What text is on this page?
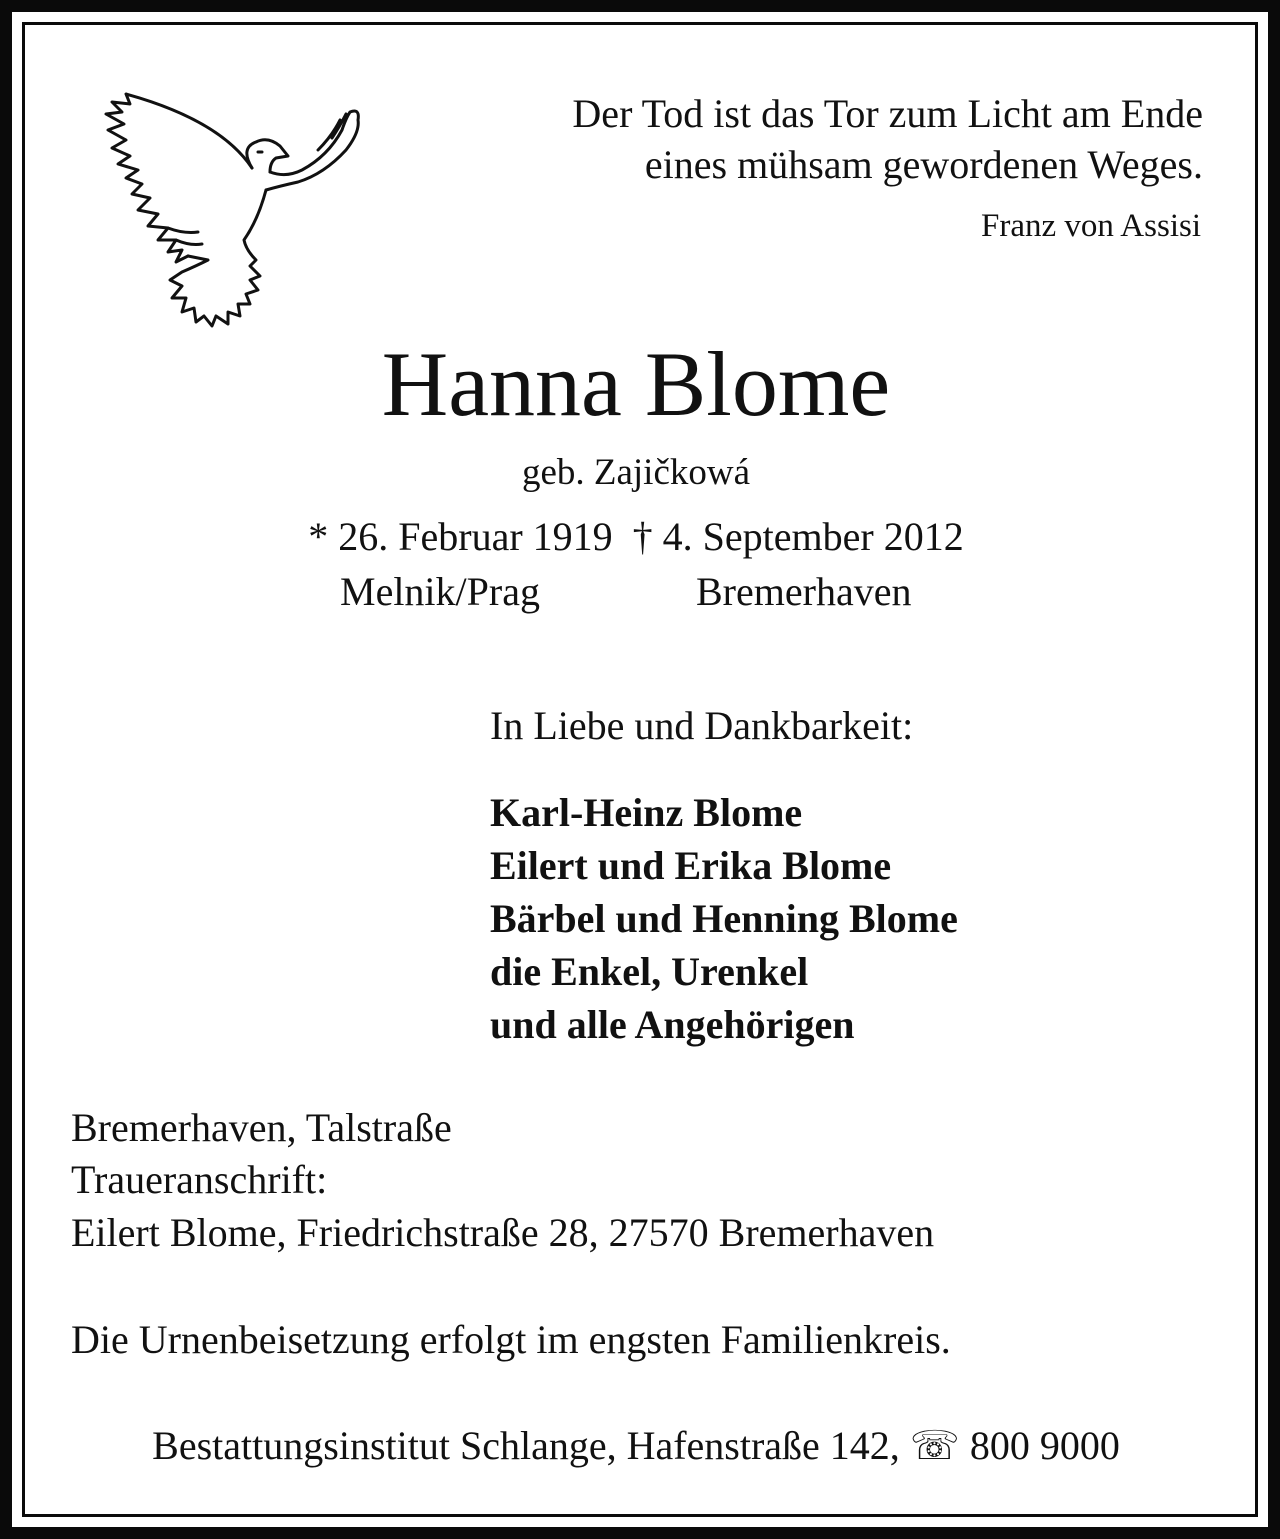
Der Tod ist das Tor zum Licht am Ende
eines mühsam gewordenen Weges.
Franz von Assisi
Hanna Blome
geb. Zajičkowá
* 26. Februar 1919  † 4. September 2012
Melnik/Prag	Bremerhaven
In Liebe und Dankbarkeit:
Karl-Heinz Blome
Eilert und Erika Blome
Bärbel und Henning Blome
die Enkel, Urenkel
und alle Angehörigen
Bremerhaven, Talstraße
Traueranschrift:
Eilert Blome, Friedrichstraße 28, 27570 Bremerhaven
Die Urnenbeisetzung erfolgt im engsten Familienkreis.
Bestattungsinstitut Schlange, Hafenstraße 142, ☏ 800 9000
